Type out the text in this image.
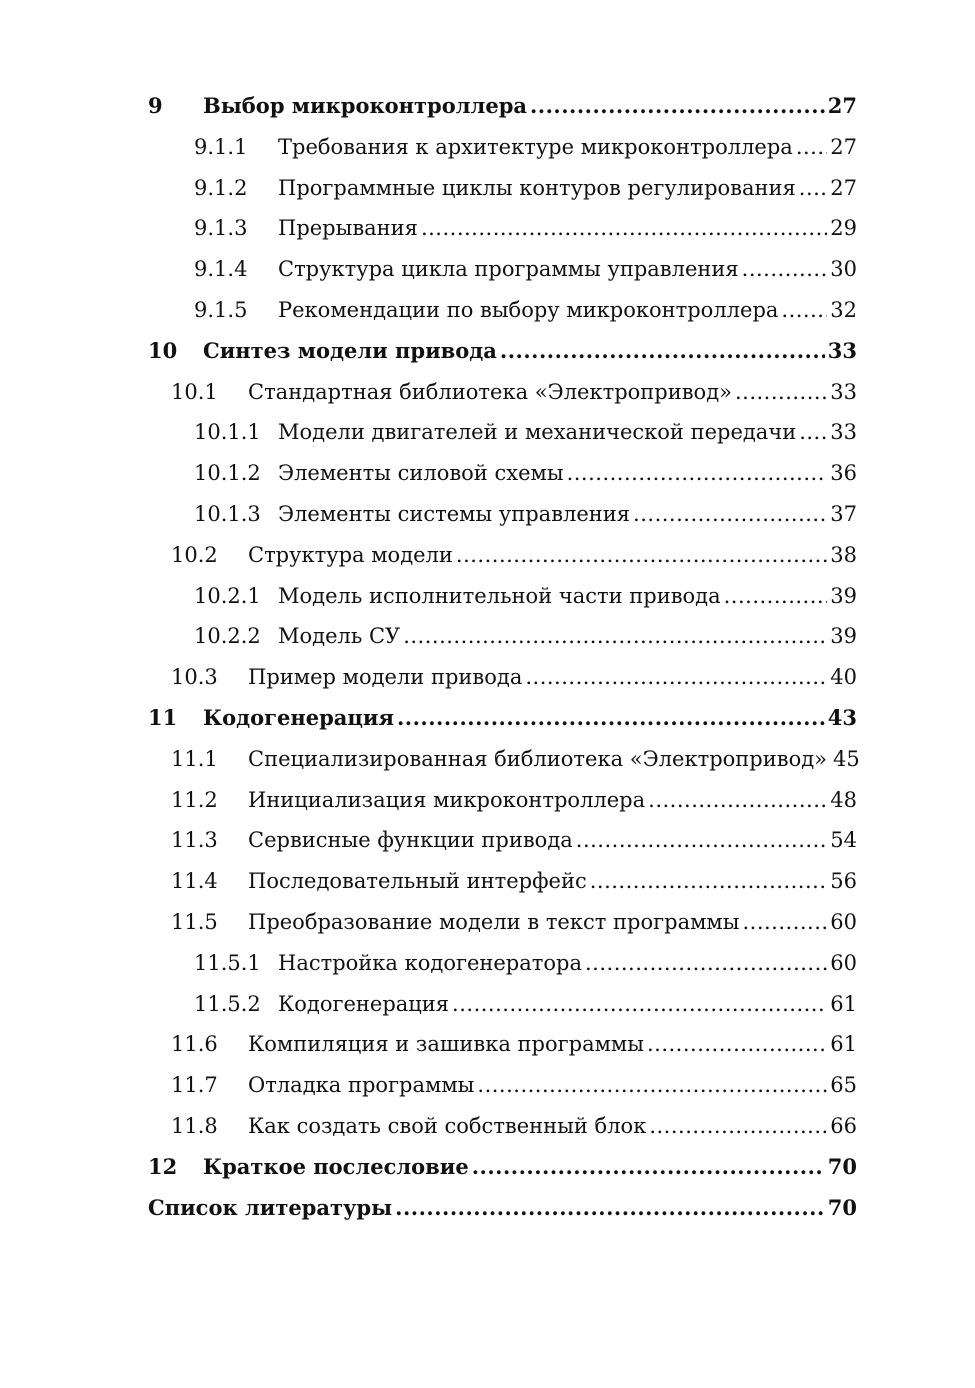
9	Выбор микроконтроллера .....	27
9.1.1	Требования к архитектуре микроконтроллера ..... 27
9.1.2	Программные циклы контуров регулирования ..... 27
9.1.3	Прерывания .....	29
9.1.4	Структура цикла программы управления .....	30
9.1.5	Рекомендации по выбору микроконтроллера ..... 32
10	Синтез модели привода .....	33
10.1	Стандартная библиотека «Электропривод» .....	33
10.1.1 Модели двигателей и механической передачи ..... 33
10.1.2 Элементы силовой схемы .....	36
10.1.3 Элементы системы управления .....	37
10.2	Структура модели .....	38
10.2.1 Модель исполнительной части привода .....	39
10.2.2 Модель СУ .....	39
10.3	Пример модели привода .....	40
11	Кодогенерация .....	43
11.1	Специализированная библиотека «Электропривод» 45
11.2	Инициализация микроконтроллера .....	48
11.3	Сервисные функции привода .....	54
11.4	Последовательный интерфейс .....	56
11.5	Преобразование модели в текст программы .....	60
11.5.1 Настройка кодогенератора .....	60
11.5.2 Кодогенерация .....	61
11.6	Компиляция и зашивка программы .....	61
11.7	Отладка программы .....	65
11.8	Как создать свой собственный блок .....	66
12	Краткое послесловие .....	70
Список литературы .....	70
